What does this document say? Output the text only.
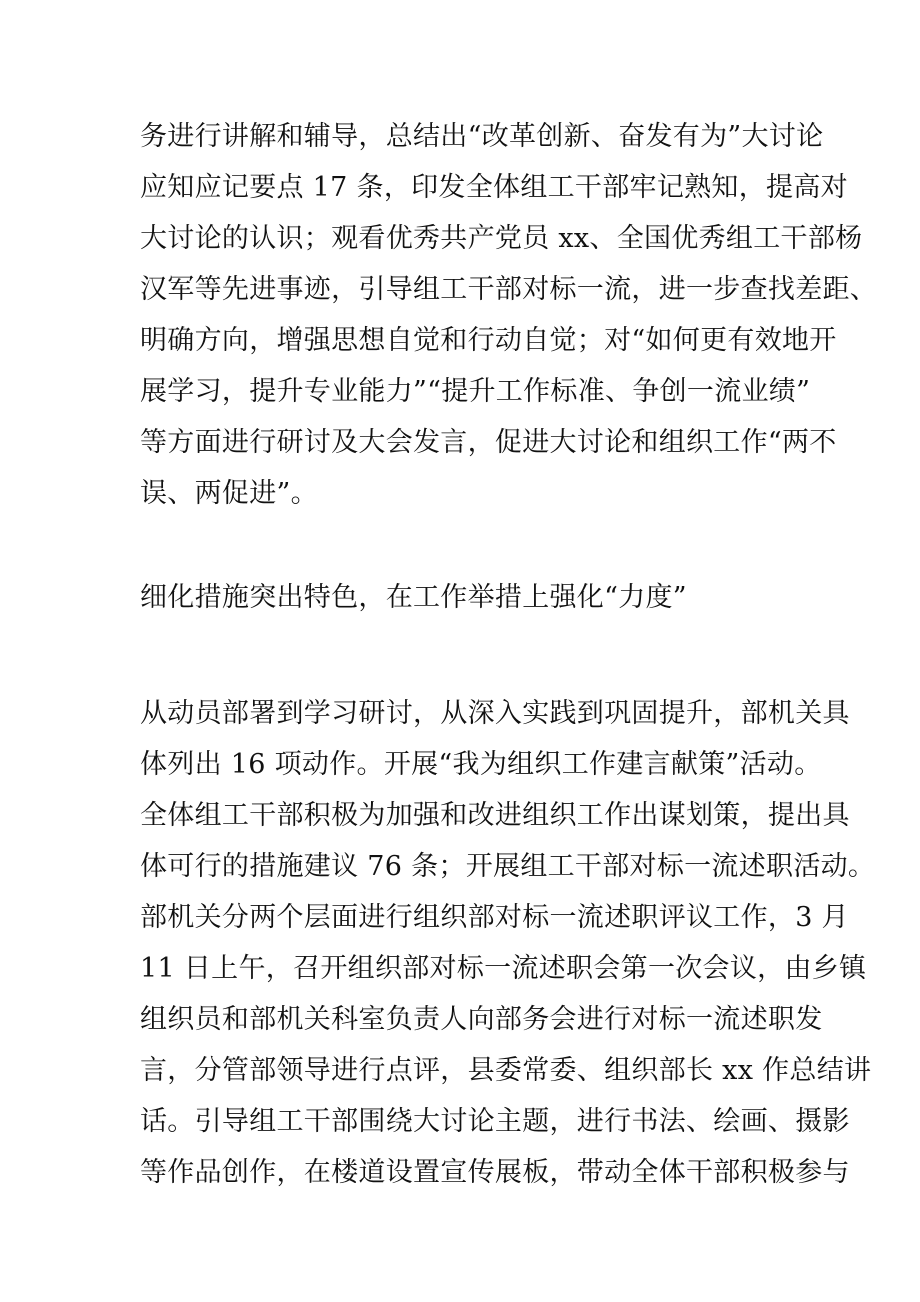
务进行讲解和辅导，总结出“改革创新、奋发有为”大讨论
应知应记要点 17 条，印发全体组工干部牢记熟知，提高对
大讨论的认识；观看优秀共产党员 xx、全国优秀组工干部杨
汉军等先进事迹，引导组工干部对标一流，进一步查找差距、
明确方向，增强思想自觉和行动自觉；对“如何更有效地开
展学习，提升专业能力”“提升工作标准、争创一流业绩”
等方面进行研讨及大会发言，促进大讨论和组织工作“两不
误、两促进”。

细化措施突出特色，在工作举措上强化“力度”

从动员部署到学习研讨，从深入实践到巩固提升，部机关具
体列出 16 项动作。开展“我为组织工作建言献策”活动。
全体组工干部积极为加强和改进组织工作出谋划策，提出具
体可行的措施建议 76 条；开展组工干部对标一流述职活动。
部机关分两个层面进行组织部对标一流述职评议工作，3 月
11 日上午，召开组织部对标一流述职会第一次会议，由乡镇
组织员和部机关科室负责人向部务会进行对标一流述职发
言，分管部领导进行点评，县委常委、组织部长 xx 作总结讲
话。引导组工干部围绕大讨论主题，进行书法、绘画、摄影
等作品创作，在楼道设置宣传展板，带动全体干部积极参与
